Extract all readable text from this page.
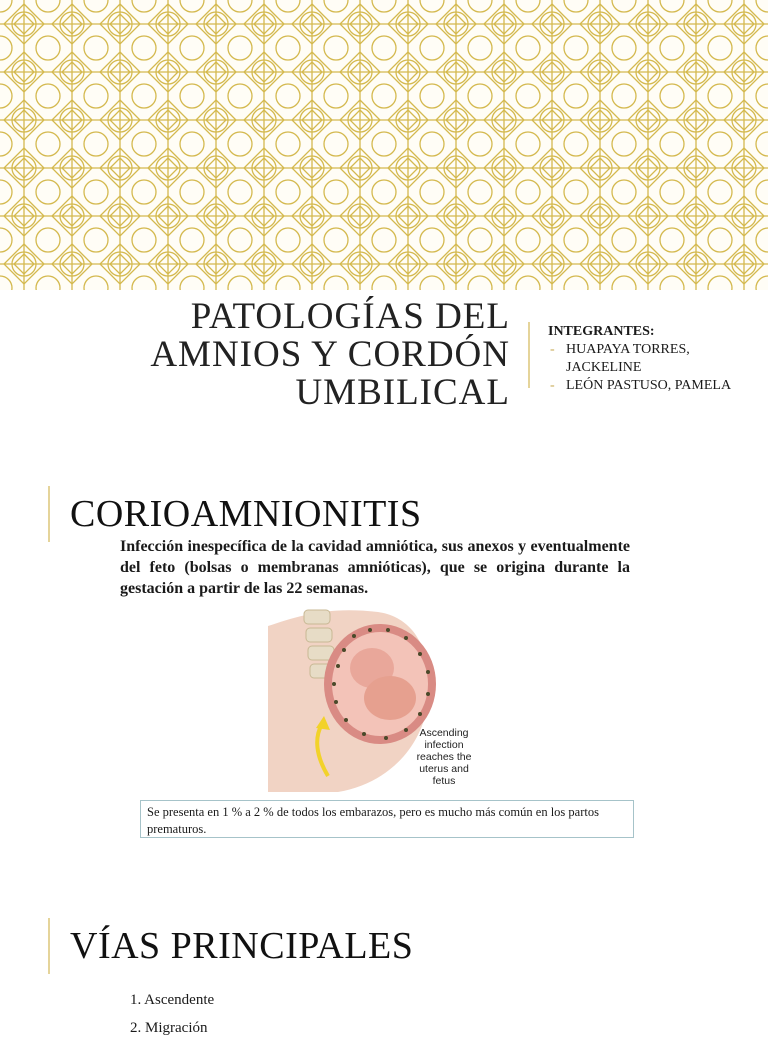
PATOLOGÍAS DEL
AMNIOS Y CORDÓN
UMBILICAL
INTEGRANTES:
- HUAPAYA TORRES, JACKELINE
- LEÓN PASTUSO, PAMELA
CORIOAMNIONITIS
Infección inespecífica de la cavidad amniótica, sus anexos y eventualmente del feto (bolsas o membranas amnióticas), que se origina durante la gestación a partir de las 22 semanas.
Ascending
infection
reaches the
uterus and
fetus
Se presenta en 1 % a 2 % de todos los embarazos, pero es mucho más común en los partos prematuros.
VÍAS PRINCIPALES
1. Ascendente
2. Migración
